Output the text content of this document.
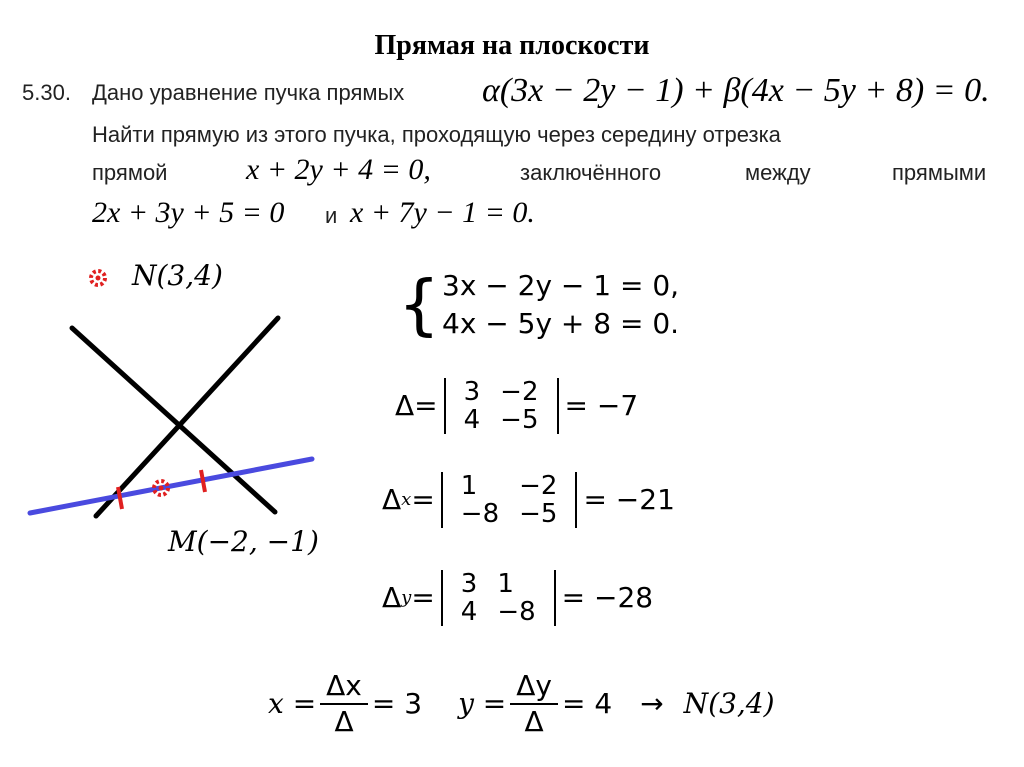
Прямая на плоскости
5.30. Дано уравнение пучка прямых α(3x − 2y − 1) + β(4x − 5y + 8) = 0.
Найти прямую из этого пучка, проходящую через середину отрезка
прямой	x + 2y + 4 = 0,	заключённого	между	прямыми
2x + 3y + 5 = 0 и x + 7y − 1 = 0.
N(3,4)
M(−2, −1)
{ 3x − 2y − 1 = 0,
4x − 5y + 8 = 0.
Δ= 3	−2
4	−5 = −7
Δ x = 1	−2
−8	−5 = −21
Δ y = 3	1
4	−8 = −28
$x = \frac{\Delta x}{\Delta} = 3$ $y = \frac{\Delta y}{\Delta} = 4 \to N(3,4)$
